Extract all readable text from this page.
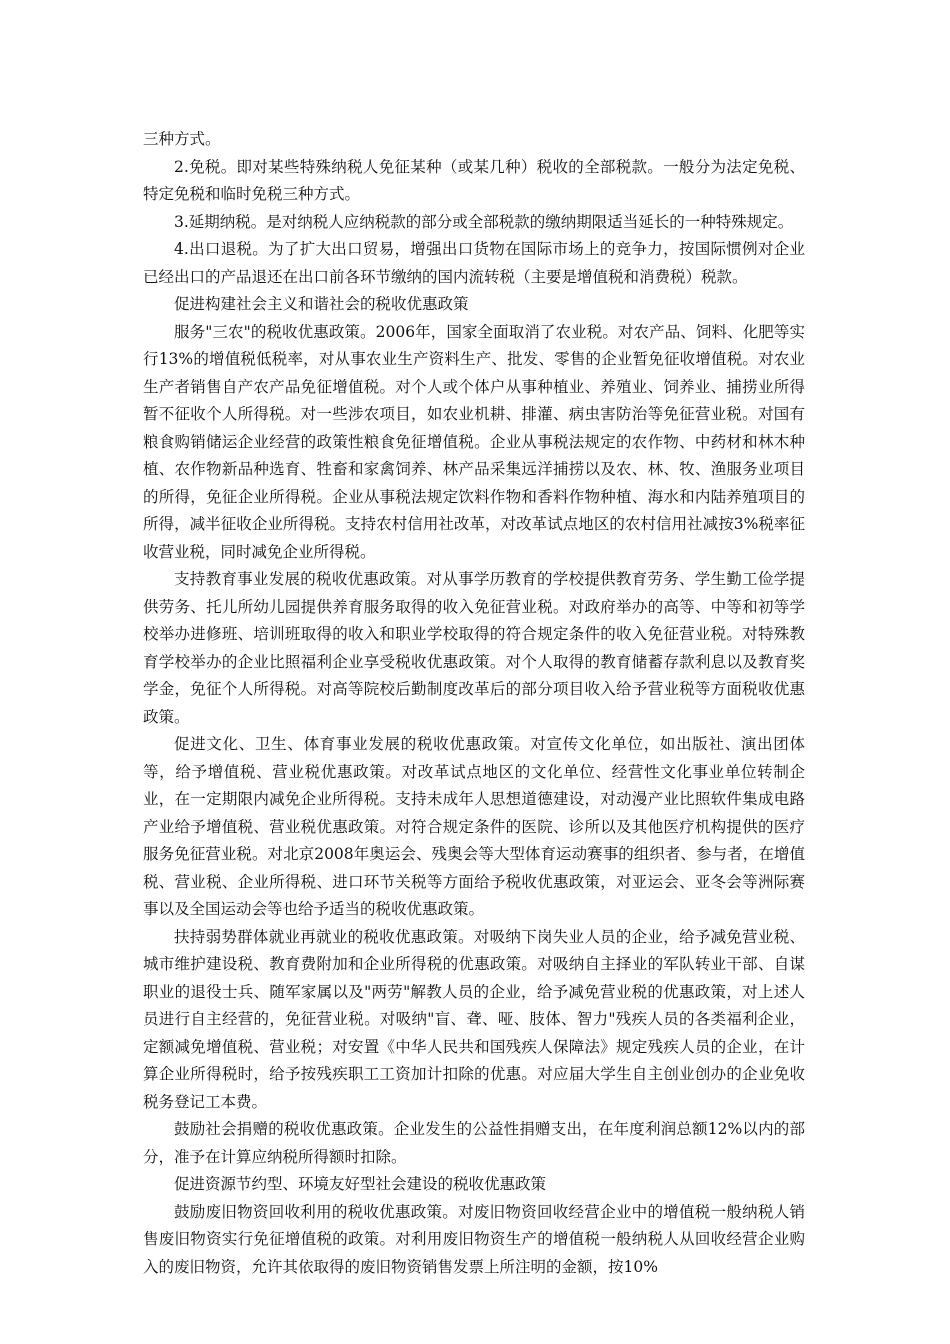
三种方式。

2.免税。即对某些特殊纳税人免征某种（或某几种）税收的全部税款。一般分为法定免税、特定免税和临时免税三种方式。

3.延期纳税。是对纳税人应纳税款的部分或全部税款的缴纳期限适当延长的一种特殊规定。

4.出口退税。为了扩大出口贸易，增强出口货物在国际市场上的竞争力，按国际惯例对企业已经出口的产品退还在出口前各环节缴纳的国内流转税（主要是增值税和消费税）税款。

促进构建社会主义和谐社会的税收优惠政策

服务"三农"的税收优惠政策。2006年，国家全面取消了农业税。对农产品、饲料、化肥等实行13%的增值税低税率，对从事农业生产资料生产、批发、零售的企业暂免征收增值税。对农业生产者销售自产农产品免征增值税。对个人或个体户从事种植业、养殖业、饲养业、捕捞业所得暂不征收个人所得税。对一些涉农项目，如农业机耕、排灌、病虫害防治等免征营业税。对国有粮食购销储运企业经营的政策性粮食免征增值税。企业从事税法规定的农作物、中药材和林木种植、农作物新品种选育、牲畜和家禽饲养、林产品采集远洋捕捞以及农、林、牧、渔服务业项目的所得，免征企业所得税。企业从事税法规定饮料作物和香料作物种植、海水和内陆养殖项目的所得，减半征收企业所得税。支持农村信用社改革，对改革试点地区的农村信用社减按3%税率征收营业税，同时减免企业所得税。

支持教育事业发展的税收优惠政策。对从事学历教育的学校提供教育劳务、学生勤工俭学提供劳务、托儿所幼儿园提供养育服务取得的收入免征营业税。对政府举办的高等、中等和初等学校举办进修班、培训班取得的收入和职业学校取得的符合规定条件的收入免征营业税。对特殊教育学校举办的企业比照福利企业享受税收优惠政策。对个人取得的教育储蓄存款利息以及教育奖学金，免征个人所得税。对高等院校后勤制度改革后的部分项目收入给予营业税等方面税收优惠政策。

促进文化、卫生、体育事业发展的税收优惠政策。对宣传文化单位，如出版社、演出团体等，给予增值税、营业税优惠政策。对改革试点地区的文化单位、经营性文化事业单位转制企业，在一定期限内减免企业所得税。支持未成年人思想道德建设，对动漫产业比照软件集成电路产业给予增值税、营业税优惠政策。对符合规定条件的医院、诊所以及其他医疗机构提供的医疗服务免征营业税。对北京2008年奥运会、残奥会等大型体育运动赛事的组织者、参与者，在增值税、营业税、企业所得税、进口环节关税等方面给予税收优惠政策，对亚运会、亚冬会等洲际赛事以及全国运动会等也给予适当的税收优惠政策。

扶持弱势群体就业再就业的税收优惠政策。对吸纳下岗失业人员的企业，给予减免营业税、城市维护建设税、教育费附加和企业所得税的优惠政策。对吸纳自主择业的军队转业干部、自谋职业的退役士兵、随军家属以及"两劳"解教人员的企业，给予减免营业税的优惠政策，对上述人员进行自主经营的，免征营业税。对吸纳"盲、聋、哑、肢体、智力"残疾人员的各类福利企业，定额减免增值税、营业税；对安置《中华人民共和国残疾人保障法》规定残疾人员的企业，在计算企业所得税时，给予按残疾职工工资加计扣除的优惠。对应届大学生自主创业创办的企业免收税务登记工本费。

鼓励社会捐赠的税收优惠政策。企业发生的公益性捐赠支出，在年度利润总额12%以内的部分，准予在计算应纳税所得额时扣除。

促进资源节约型、环境友好型社会建设的税收优惠政策

鼓励废旧物资回收利用的税收优惠政策。对废旧物资回收经营企业中的增值税一般纳税人销售废旧物资实行免征增值税的政策。对利用废旧物资生产的增值税一般纳税人从回收经营企业购入的废旧物资，允许其依取得的废旧物资销售发票上所注明的金额，按10%
